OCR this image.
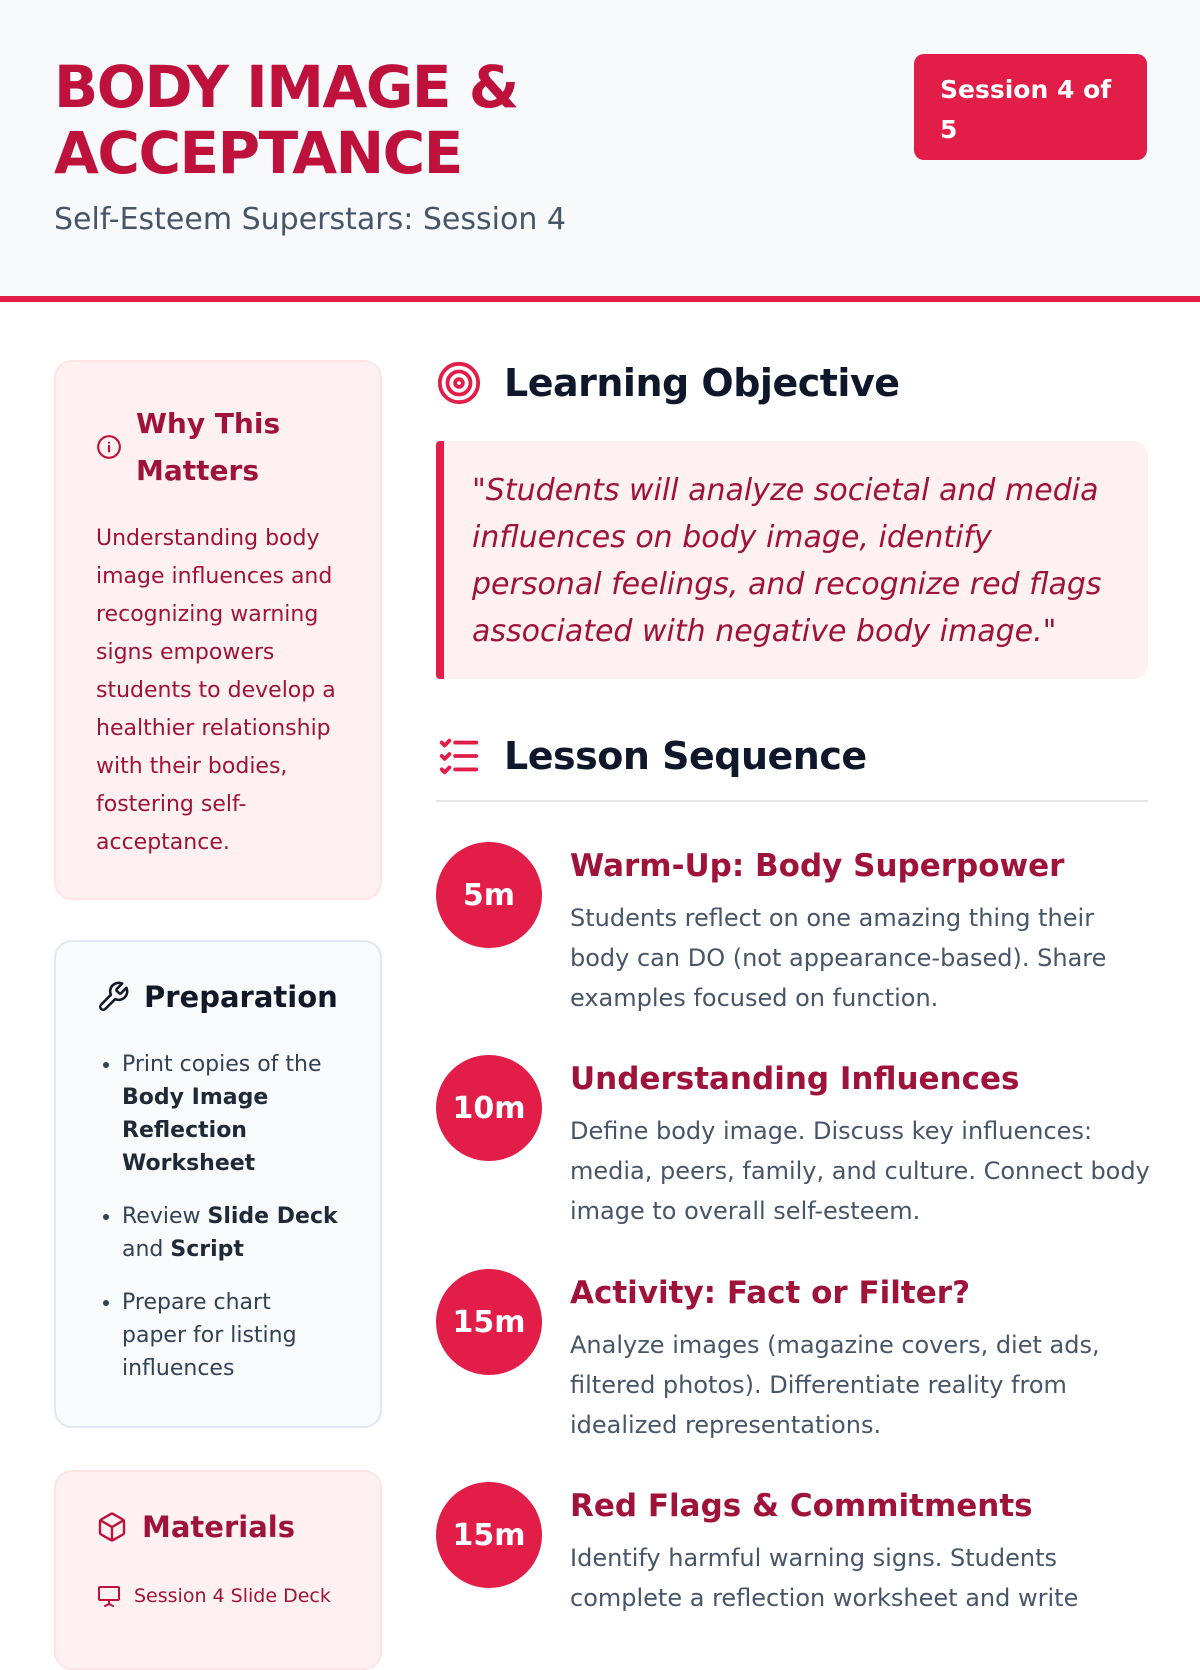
BODY IMAGE &
ACCEPTANCE
Self-Esteem Superstars: Session 4
Session 4 of
5
Why This
Matters

Understanding body image influences and recognizing warning signs empowers students to develop a healthier relationship with their bodies, fostering self-acceptance.

Preparation
• Print copies of the Body Image Reflection Worksheet
• Review Slide Deck and Script
• Prepare chart paper for listing influences
Materials
Session 4 Slide Deck
Learning Objective
"Students will analyze societal and media influences on body image, identify personal feelings, and recognize red flags associated with negative body image."
Lesson Sequence
5m
Warm-Up: Body Superpower
Students reflect on one amazing thing their body can DO (not appearance-based). Share examples focused on function.
10m
Understanding Influences
Define body image. Discuss key influences: media, peers, family, and culture. Connect body image to overall self-esteem.
15m
Activity: Fact or Filter?
Analyze images (magazine covers, diet ads, filtered photos). Differentiate reality from idealized representations.
15m
Red Flags & Commitments
Identify harmful warning signs. Students complete a reflection worksheet and write
